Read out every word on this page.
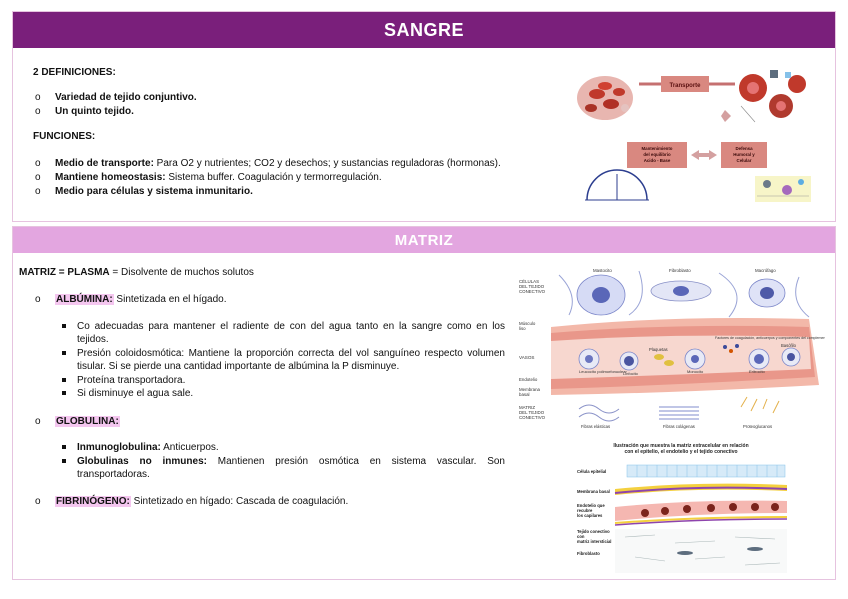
SANGRE
2 DEFINICIONES:
o	Variedad de tejido conjuntivo.
o	Un quinto tejido.
FUNCIONES:
o	Medio de transporte: Para O2 y nutrientes; CO2 y desechos; y sustancias reguladoras (hormonas).
o	Mantiene homeostasis: Sistema buffer. Coagulación y termorregulación.
o	Medio para células y sistema inmunitario.
Transporte
Mantenimiento del equilibrio Acido - Base
Defensa Humoral y Celular
MATRIZ
MATRIZ = PLASMA = Disolvente de muchos solutos
o	ALBÚMINA: Sintetizada en el hígado.
Co adecuadas para mantener el radiente de con del agua tanto en la sangre como en los tejidos.
Presión coloidosmótica: Mantiene la proporción correcta del vol sanguíneo respecto volumen tisular. Si se pierde una cantidad importante de albúmina la P disminuye.
Proteína transportadora.
Si disminuye el agua sale.
o	GLOBULINA:
Inmunoglobulina: Anticuerpos.
Globulinas no inmunes: Mantienen presión osmótica en sistema vascular. Son transportadoras.
o	FIBRINÓGENO: Sintetizado en hígado: Cascada de coagulación.
CÉLULAS DEL TEJIDO CONECTIVO
Músculo liso
VASOS
Endotelio
Membrana basal
MATRIZ DEL TEJIDO CONECTIVO
Mastocito	Fibroblasto	Macrófago
Plaquetas
Basófilo
Leucocito polimorfonuclear
Linfocito	Monocito	Eritrocito
Factores de coagulación, anticuerpos y componentes del complemento
Fibras elásticas	Fibras colágenas	Proteoglucanos
Ilustración que muestra la matriz extracelular en relación con el epitelio, el endotelio y el tejido conectivo
Célula epitelial
Membrana basal
Endotelio que recubre los capilares
Tejido conectivo con matriz intersticial
Fibroblasto
